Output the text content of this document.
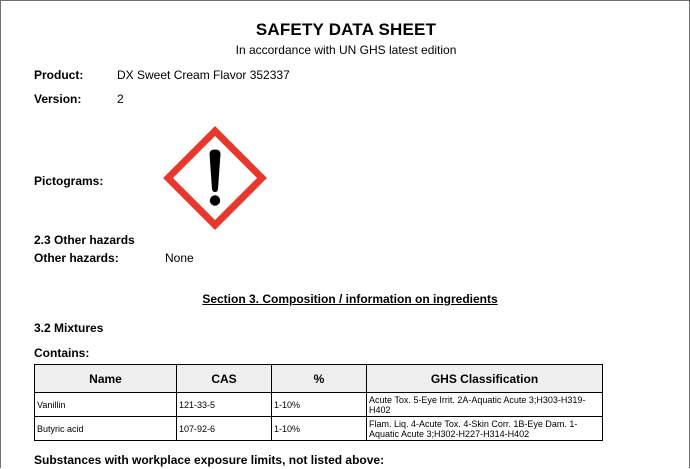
SAFETY DATA SHEET
In accordance with UN GHS latest edition
Product:	DX Sweet Cream Flavor 352337
Version:	2
Pictograms:
2.3 Other hazards
Other hazards:	None
Section 3. Composition / information on ingredients
3.2 Mixtures
Contains:
Name	CAS	%	GHS Classification
Vanillin	121-33-5	1-10%	Acute Tox. 5-Eye Irrit. 2A-Aquatic Acute 3;H303-H319-H402
Butyric acid	107-92-6	1-10%	Flam. Liq. 4-Acute Tox. 4-Skin Corr. 1B-Eye Dam. 1-Aquatic Acute 3;H302-H227-H314-H402
Substances with workplace exposure limits, not listed above:
